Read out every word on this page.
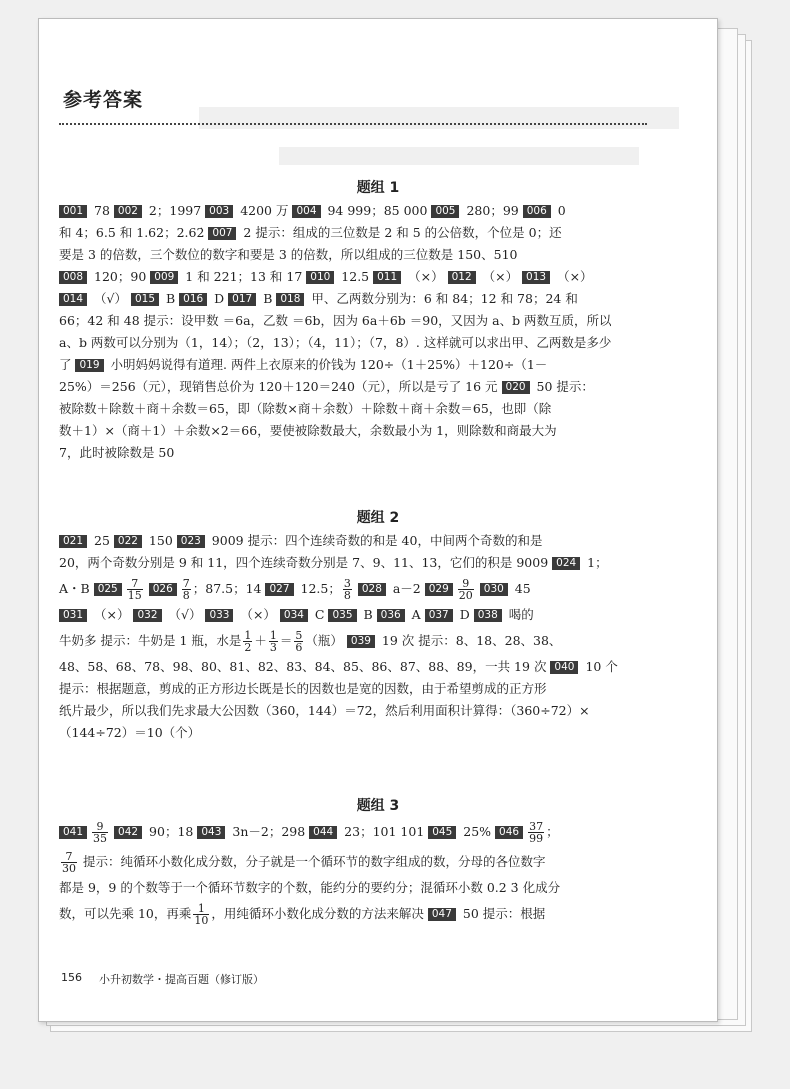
参考答案
题组 1
001 78 002 2；1997 003 4200 万 004 94 999；85 000 005 280；99 006 0
和 4；6.5 和 1.62；2.62̇ 007 2 提示：组成的三位数是 2 和 5 的公倍数，个位是 0；还
要是 3 的倍数，三个数位的数字和要是 3 的倍数，所以组成的三位数是 150、510
008 120；90 009 1 和 221；13 和 17 010 12.5 011 （×） 012 （×） 013 （×）
014 （√） 015 B 016 D 017 B 018 甲、乙两数分别为：6 和 84；12 和 78；24 和
66；42 和 48 提示：设甲数 ＝6a，乙数 ＝6b，因为 6a＋6b ＝90，又因为 a、b 两数互质，所以
a、b 两数可以分别为（1，14）；（2，13）；（4，11）；（7，8）. 这样就可以求出甲、乙两数是多少
了 019 小明妈妈说得有道理. 两件上衣原来的价钱为 120÷（1＋25%）＋120÷（1－
25%）＝256（元），现销售总价为 120＋120＝240（元），所以是亏了 16 元 020 50 提示：
被除数＋除数＋商＋余数＝65，即（除数×商＋余数）＋除数＋商＋余数＝65，也即（除
数＋1）×（商＋1）＋余数×2＝66，要使被除数最大，余数最小为 1，则除数和商最大为
7，此时被除数是 50
题组 2
021 25 022 150 023 9009 提示：四个连续奇数的和是 40，中间两个奇数的和是
20，两个奇数分别是 9 和 11，四个连续奇数分别是 7、9、11、13，它们的积是 9009 024 1；
A・B $025 \frac{7}{15} 026 \frac{7}{8}$ ；87.5；14 027 12.5； $\frac{3}{8} 028$ a－2 $029 \frac{9}{20} 030$ 45
031 （×） 032 （√） 033 （×） 034 C 035 B 036 A 037 D 038 喝的
牛奶多 提示：牛奶是 1 瓶，水是 $\frac{1}{2} + \frac{1}{3} = \frac{5}{6}$ （瓶） 039 19 次 提示：8、18、28、38、
48、58、68、78、98、80、81、82、83、84、85、86、87、88、89，一共 19 次 040 10 个
提示：根据题意，剪成的正方形边长既是长的因数也是宽的因数，由于希望剪成的正方形
纸片最少，所以我们先求最大公因数（360，144）＝72，然后利用面积计算得：（360÷72）×
（144÷72）＝10（个）
题组 3
$041 \frac{9}{35} 042$ 90；18 043 3n－2；298 044 23；101 101 045 25% $046 \frac{37}{99}$ ；
$\frac{7}{30}$ 提示：纯循环小数化成分数，分子就是一个循环节的数字组成的数，分母的各位数字
都是 9，9 的个数等于一个循环节数字的个数，能约分的要约分；混循环小数 0.2 3̇ 化成分
数，可以先乘 10，再乘 $\frac{1}{10}$ ，用纯循环小数化成分数的方法来解决 047 50 提示：根据
156 小升初数学・提高百题（修订版）
